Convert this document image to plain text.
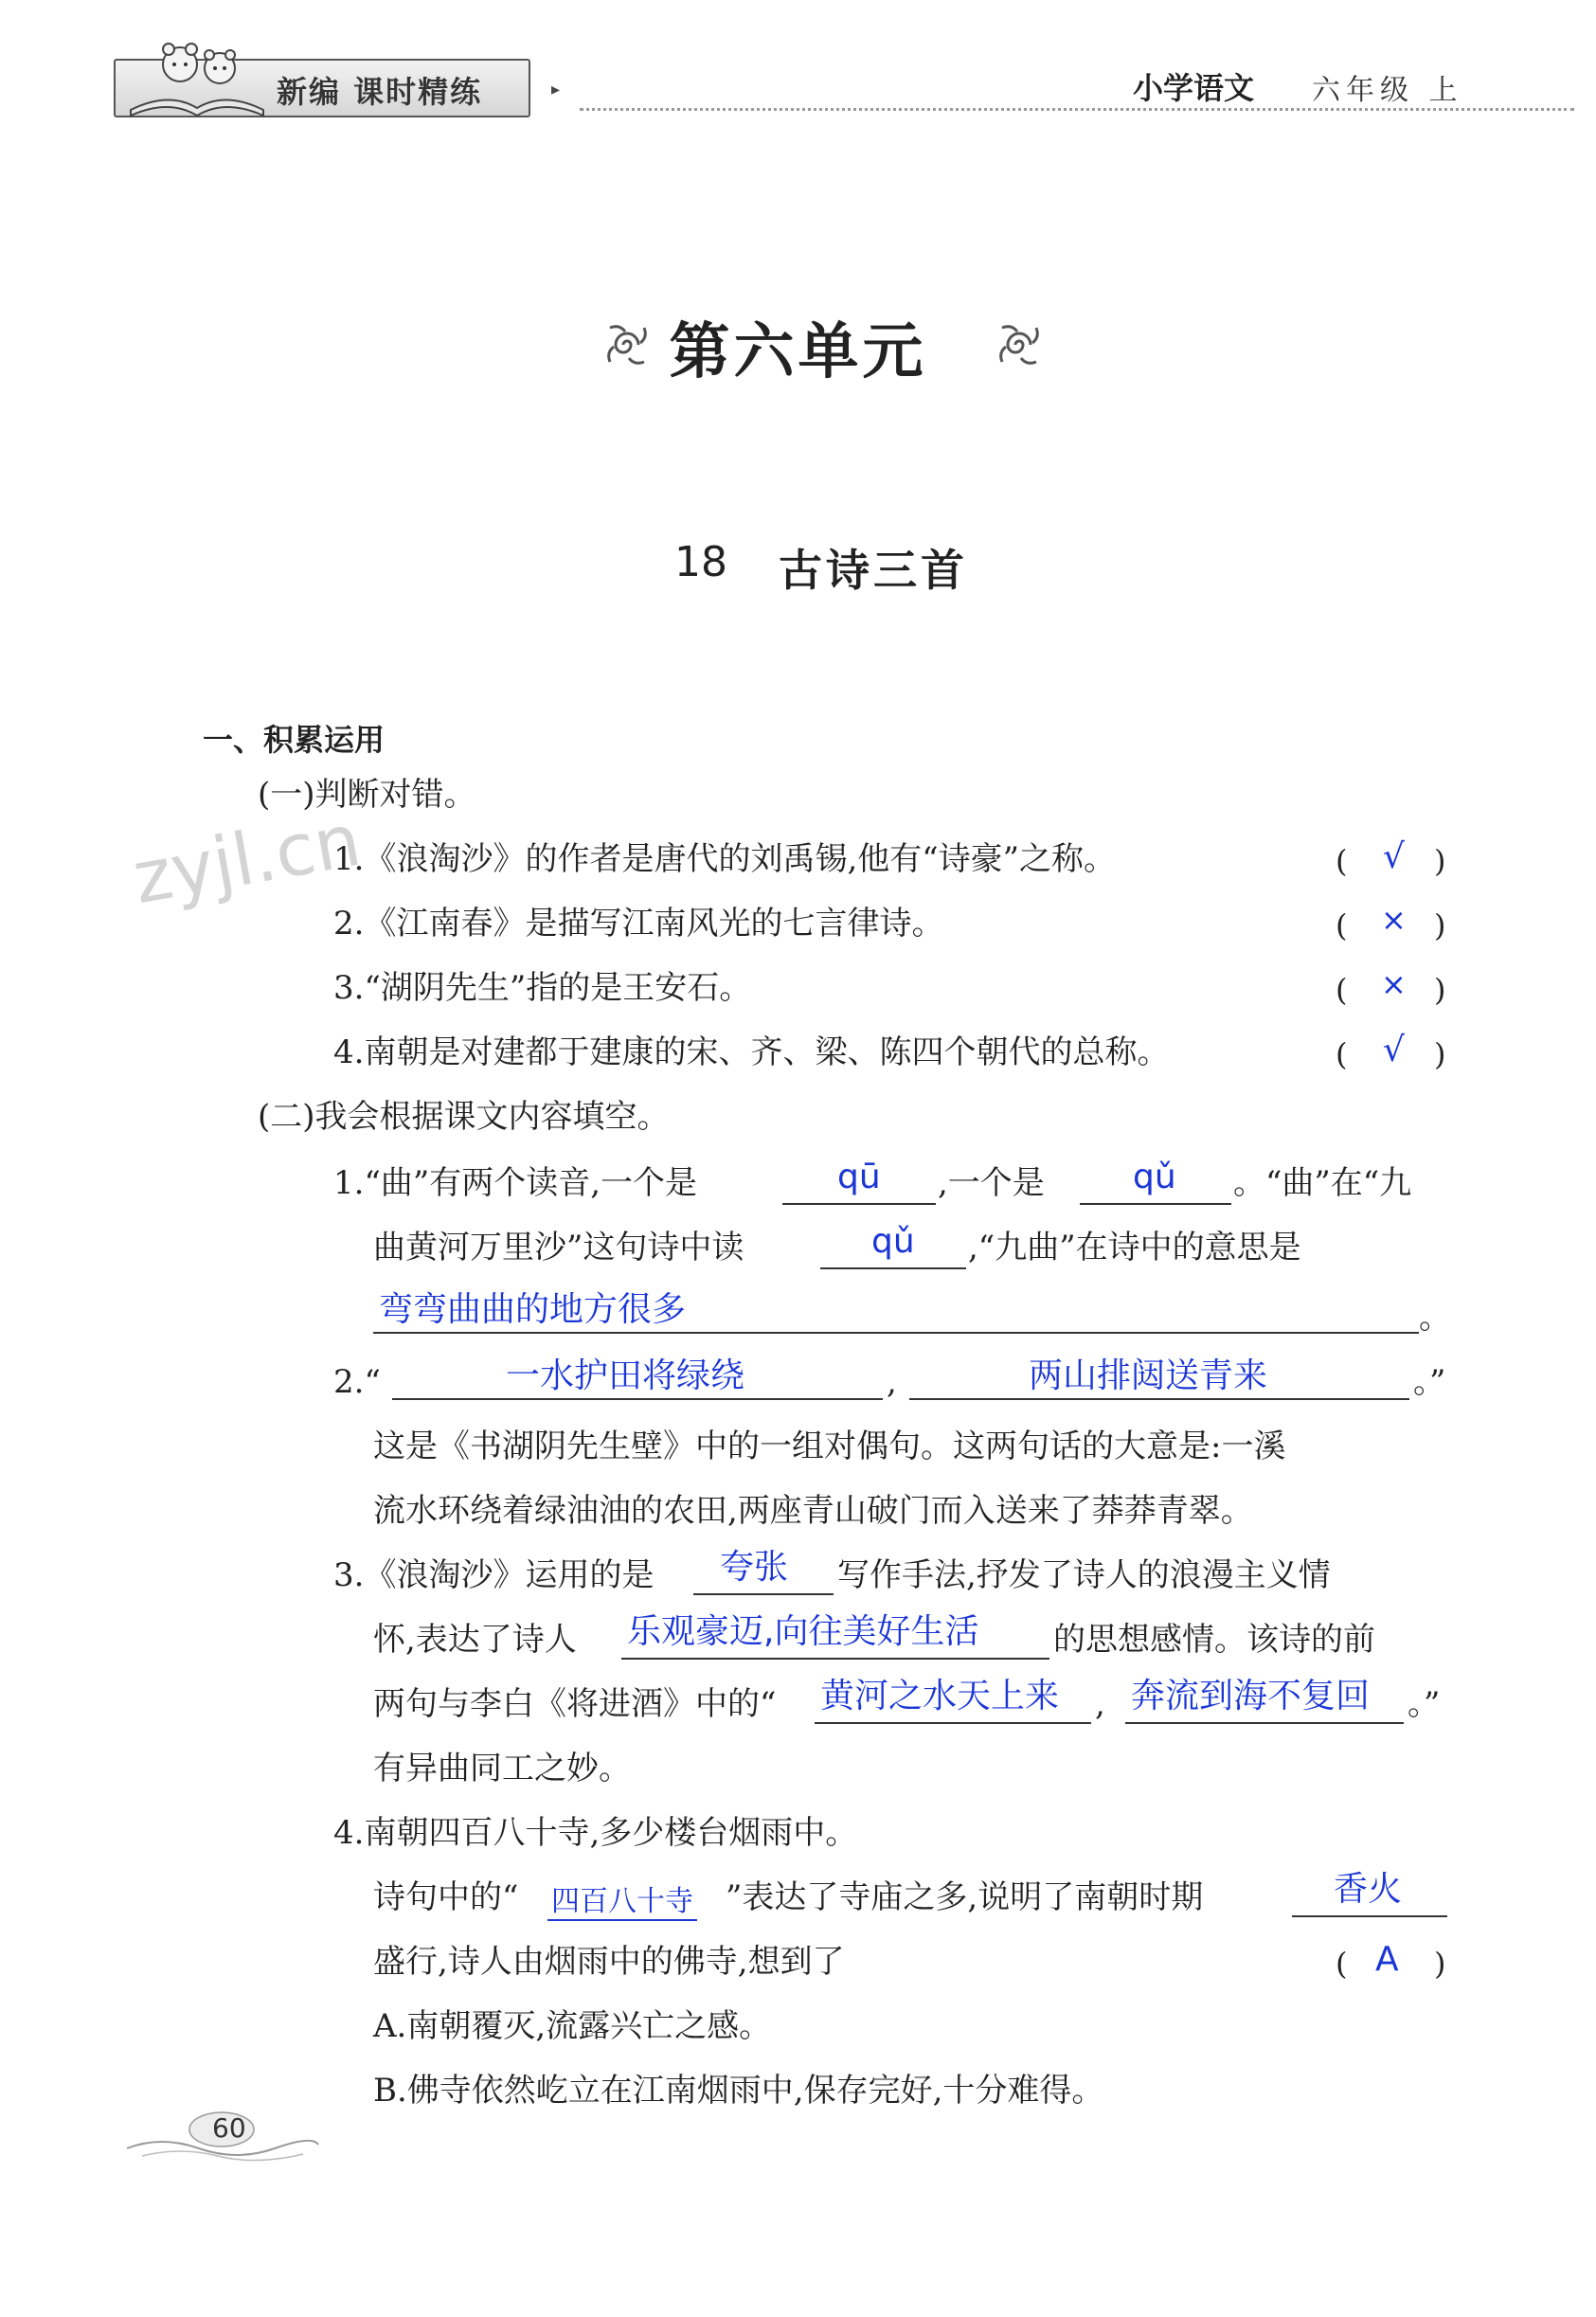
新编 课时精练	▸	小学语文 六年级 上
第六单元
18 古诗三首
一、积累运用
(一)判断对错。
zyjl.cn
1.《浪淘沙》的作者是唐代的刘禹锡,他有“诗豪”之称。	( √ )
2.《江南春》是描写江南风光的七言律诗。	( × )
3.“湖阴先生”指的是王安石。	( × )
4.南朝是对建都于建康的宋、齐、梁、陈四个朝代的总称。	( √ )
(二)我会根据课文内容填空。
1.“曲”有两个读音,一个是	qū ,一个是	qǔ 。“曲”在“九
曲黄河万里沙”这句诗中读	qǔ ,“九曲”在诗中的意思是
弯弯曲曲的地方很多	。
2.“	一水护田将绿绕	,	两山排闼送青来	。”
这是《书湖阴先生壁》中的一组对偶句。这两句话的大意是:一溪
流水环绕着绿油油的农田,两座青山破门而入送来了莽莽青翠。
3.《浪淘沙》运用的是 夸张 写作手法,抒发了诗人的浪漫主义情
怀,表达了诗人 乐观豪迈,向往美好生活 的思想感情。该诗的前
两句与李白《将进酒》中的“ 黄河之水天上来 , 奔流到海不复回 。”
有异曲同工之妙。
4.南朝四百八十寺,多少楼台烟雨中。
诗句中的“ 四百八十寺 ”表达了寺庙之多,说明了南朝时期	香火
盛行,诗人由烟雨中的佛寺,想到了	( A )
A.南朝覆灭,流露兴亡之感。
B.佛寺依然屹立在江南烟雨中,保存完好,十分难得。
60
